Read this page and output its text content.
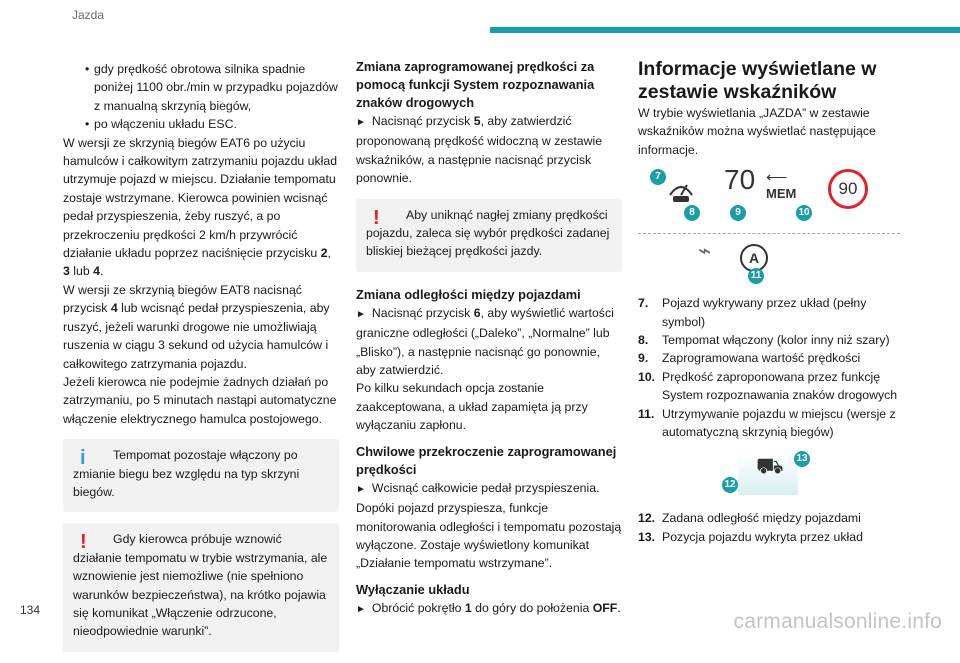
Jazda
• gdy prędkość obrotowa silnika spadnie poniżej 1100 obr./min w przypadku pojazdów z manualną skrzynią biegów,
• po włączeniu układu ESC.

W wersji ze skrzynią biegów EAT6 po użyciu hamulców i całkowitym zatrzymaniu pojazdu układ utrzymuje pojazd w miejscu. Działanie tempomatu zostaje wstrzymane. Kierowca powinien wcisnąć pedał przyspieszenia, żeby ruszyć, a po przekroczeniu prędkości 2 km/h przywrócić działanie układu poprzez naciśnięcie przycisku 2, 3 lub 4.

W wersji ze skrzynią biegów EAT8 nacisnąć przycisk 4 lub wcisnąć pedał przyspieszenia, aby ruszyć, jeżeli warunki drogowe nie umożliwiają ruszenia w ciągu 3 sekund od użycia hamulców i całkowitego zatrzymania pojazdu.

Jeżeli kierowca nie podejmie żadnych działań po zatrzymaniu, po 5 minutach nastąpi automatyczne włączenie elektrycznego hamulca postojowego.

i	Tempomat pozostaje włączony po zmianie biegu bez względu na typ skrzyni biegów.

!	Gdy kierowca próbuje wznowić działanie tempomatu w trybie wstrzymania, ale wznowienie jest niemożliwe (nie spełniono warunków bezpieczeństwa), na krótko pojawia się komunikat „Włączenie odrzucone, nieodpowiednie warunki”.

Zmiana zaprogramowanej prędkości za pomocą funkcji System rozpoznawania znaków drogowych

► Nacisnąć przycisk 5, aby zatwierdzić proponowaną prędkość widoczną w zestawie wskaźników, a następnie nacisnąć przycisk ponownie.

!	Aby uniknąć nagłej zmiany prędkości pojazdu, zaleca się wybór prędkości zadanej bliskiej bieżącej prędkości jazdy.

Zmiana odległości między pojazdami

► Nacisnąć przycisk 6, aby wyświetlić wartości graniczne odległości („Daleko”, „Normalne” lub „Blisko”), a następnie nacisnąć go ponownie, aby zatwierdzić.

Po kilku sekundach opcja zostanie zaakceptowana, a układ zapamięta ją przy wyłączaniu zapłonu.

Chwilowe przekroczenie zaprogramowanej prędkości

► Wcisnąć całkowicie pedał przyspieszenia.

Dopóki pojazd przyspiesza, funkcje monitorowania odległości i tempomatu pozostają wyłączone. Zostaje wyświetlony komunikat „Działanie tempomatu wstrzymane”.

Wyłączanie układu

► Obrócić pokrętło 1 do góry do położenia OFF.

Informacje wyświetlane w zestawie wskaźników

W trybie wyświetlania „JAZDA” w zestawie wskaźników można wyświetlać następujące informacje.

7 70 ⟵
MEM	90
8	9	10
⌁	A
11
7. Pojazd wykrywany przez układ (pełny symbol)
8. Tempomat włączony (kolor inny niż szary)
9. Zaprogramowana wartość prędkości
10. Prędkość zaproponowana przez funkcję System rozpoznawania znaków drogowych
11. Utrzymywanie pojazdu w miejscu (wersje z automatyczną skrzynią biegów)
⛟
12
13
12. Zadana odległość między pojazdami
13. Pozycja pojazdu wykryta przez układ
134	carmanualsonline.info
